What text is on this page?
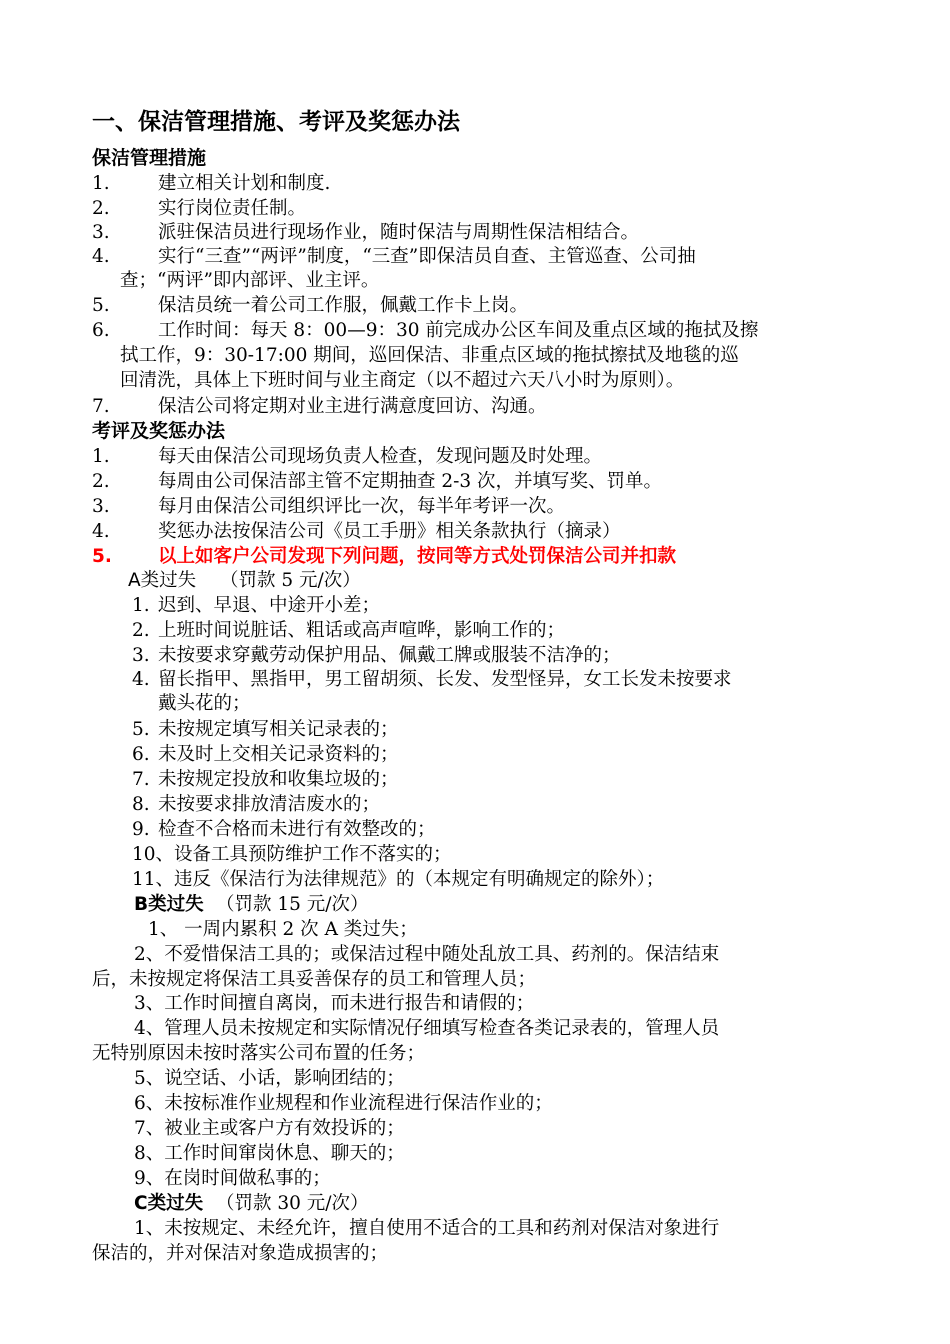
一、保洁管理措施、考评及奖惩办法
保洁管理措施
1.	建立相关计划和制度.
2.	实行岗位责任制。
3.	派驻保洁员进行现场作业，随时保洁与周期性保洁相结合。
4.	实行“三查”“两评”制度，“三查”即保洁员自查、主管巡查、公司抽
查；“两评”即内部评、业主评。
5.	保洁员统一着公司工作服，佩戴工作卡上岗。
6.	工作时间：每天 8：00—9：30 前完成办公区车间及重点区域的拖拭及擦
拭工作，9：30-17:00 期间，巡回保洁、非重点区域的拖拭擦拭及地毯的巡
回清洗，具体上下班时间与业主商定（以不超过六天八小时为原则）。
7.	保洁公司将定期对业主进行满意度回访、沟通。
考评及奖惩办法
1.	每天由保洁公司现场负责人检查，发现问题及时处理。
2.	每周由公司保洁部主管不定期抽查 2-3 次，并填写奖、罚单。
3.	每月由保洁公司组织评比一次，每半年考评一次。
4.	奖惩办法按保洁公司《员工手册》相关条款执行（摘录）
5.	以上如客户公司发现下列问题，按同等方式处罚保洁公司并扣款
A类过失 （罚款 5 元/次）
1. 迟到、早退、中途开小差；
2. 上班时间说脏话、粗话或高声喧哗，影响工作的；
3. 未按要求穿戴劳动保护用品、佩戴工牌或服装不洁净的；
4. 留长指甲、黑指甲，男工留胡须、长发、发型怪异，女工长发未按要求
戴头花的；
5. 未按规定填写相关记录表的；
6. 未及时上交相关记录资料的；
7. 未按规定投放和收集垃圾的；
8. 未按要求排放清洁废水的；
9. 检查不合格而未进行有效整改的；
10、 设备工具预防维护工作不落实的；
11、 违反《保洁行为法律规范》的（本规定有明确规定的除外）；
B类过失 （罚款 15 元/次）
1、 一周内累积 2 次 A 类过失；
2、不爱惜保洁工具的；或保洁过程中随处乱放工具、药剂的。保洁结束
后，未按规定将保洁工具妥善保存的员工和管理人员；
3、工作时间擅自离岗，而未进行报告和请假的；
4、管理人员未按规定和实际情况仔细填写检查各类记录表的，管理人员
无特别原因未按时落实公司布置的任务；
5、说空话、小话，影响团结的；
6、未按标准作业规程和作业流程进行保洁作业的；
7、被业主或客户方有效投诉的；
8、工作时间窜岗休息、聊天的；
9、在岗时间做私事的；
C类过失 （罚款 30 元/次）
1、未按规定、未经允许，擅自使用不适合的工具和药剂对保洁对象进行
保洁的，并对保洁对象造成损害的；
